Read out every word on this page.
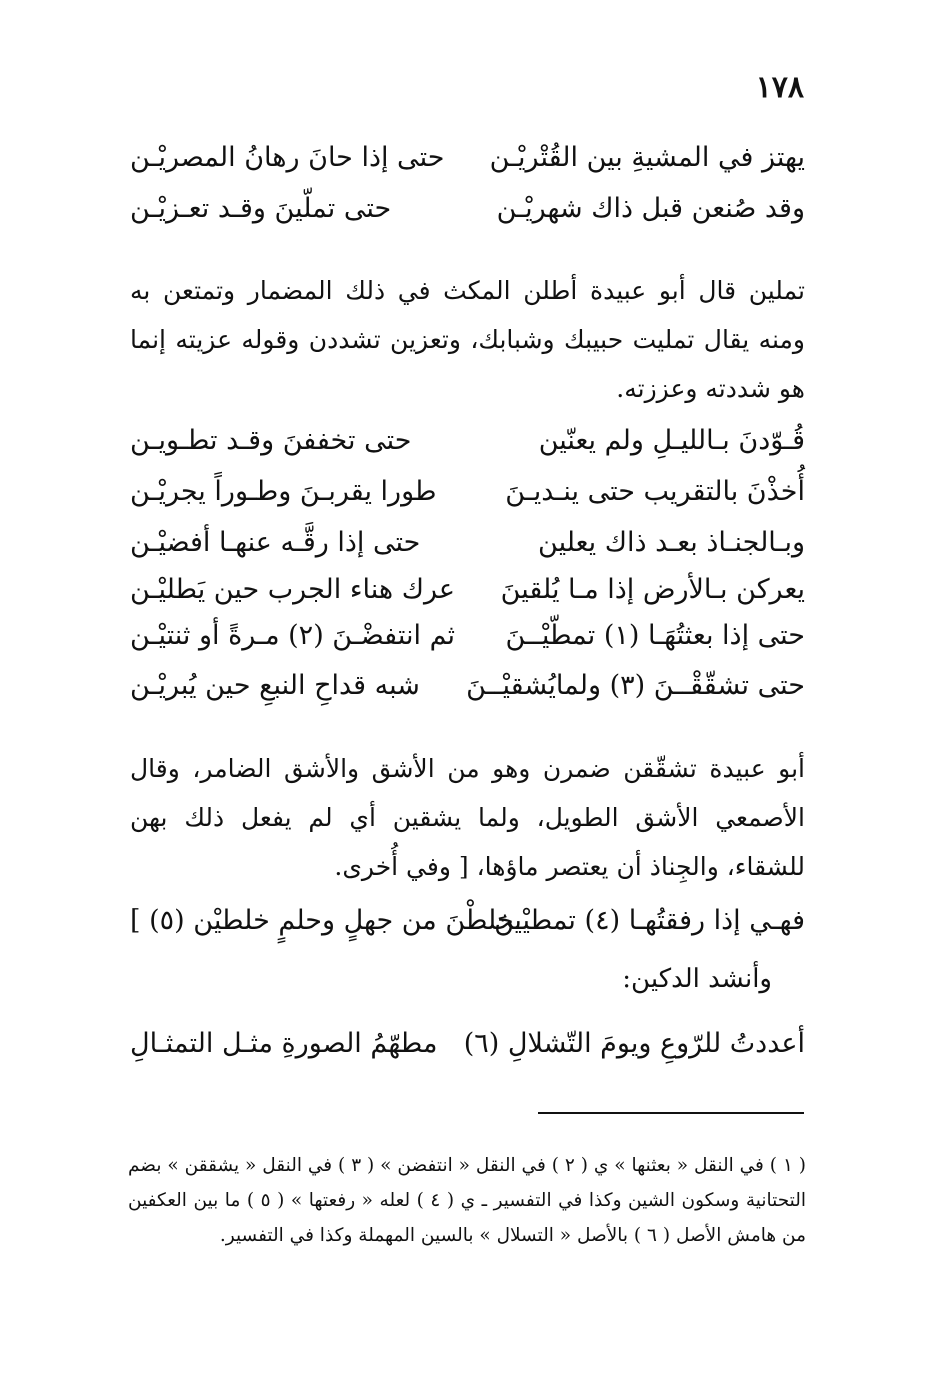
١٧٨
يهتز في المشيةِ بين القُتْريْـن
حتى إذا حانَ رهانُ المصريْـن
وقد صُنعن قبل ذاك شهريْـن
حتى تملّينَ وقـد تعـزيْـن

تملين قال أبو عبيدة أطلن المكث في ذلك المضمار وتمتعن به ومنه يقال تمليت حبيبك وشبابك، وتعزين تشددن وقوله عزيته إنما هو شددته وعززته.

قُـوّدنَ بـالليـلِ ولم يعنّين
حتى تخففنَ وقـد تطـويـن
أُخذْنَ بالتقريب حتى ينـديـنَ
طورا يقربـنَ وطـوراً يجريْـن
وبـالجنـاذ بعـد ذاك يعلين
حتى إذا رقَّـه عنهـا أفضيْـن
يعركن بـالأرض إذا مـا يُلقينَ
عرك هناء الجرب حين يَطليْـن
حتى إذا بعثتُهَـا (١) تمطّيْــنَ
ثم انتفضْـنَ (٢) مـرةً أو ثنتيْـن
حتى تشقّقْــنَ (٣) ولمايُشقيْــنَ
شبه قداحِ النبعِ حين يُبريْـن

أبو عبيدة تشقّقن ضمرن وهو من الأشق والأشق الضامر، وقال الأصمعي الأشق الطويل، ولما يشقين أي لم يفعل ذلك بهن للشقاء، والجِناذ أن يعتصر ماؤها، [ وفي أُخرى.

فهـي إذا رفقتُهـا (٤) تمطيْـنَ
يخلطْنَ من جهلٍ وحلمٍ خلطيْن (٥) ]
وأنشد الدكين:
أعددتُ للرّوعِ ويومَ التّشلالِ (٦)
مطهّمُ الصورةِ مثـل التمثـالِ
( ١ ) في النقل « بعثنها » ي ( ٢ ) في النقل « انتفضن » ( ٣ ) في النقل « يشققن » بضم التحتانية وسكون الشين وكذا في التفسير ـ ي ( ٤ ) لعله « رفعتها » ( ٥ ) ما بين العكفين من هامش الأصل ( ٦ ) بالأصل « التسلال » بالسين المهملة وكذا في التفسير.
